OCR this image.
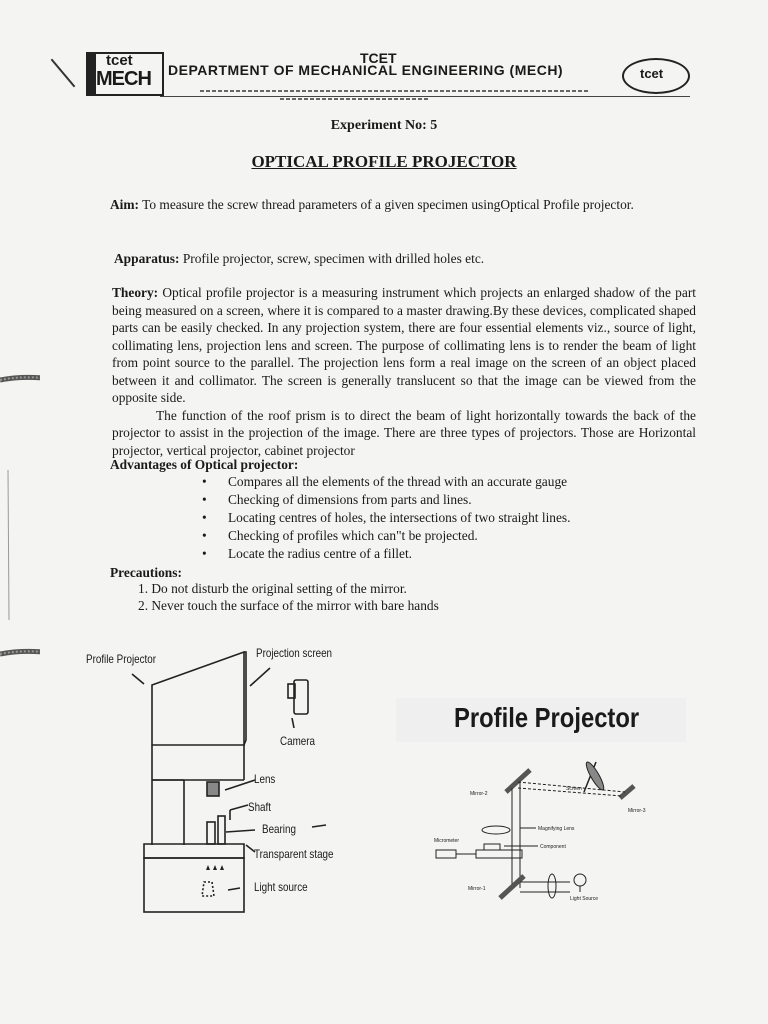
tcet
MECH
TCET
DEPARTMENT OF MECHANICAL ENGINEERING (MECH)	tcet
Experiment No: 5
OPTICAL PROFILE PROJECTOR
Aim: To measure the screw thread parameters of a given specimen usingOptical Profile projector.
Apparatus: Profile projector, screw, specimen with drilled holes etc.
Theory: Optical profile projector is a measuring instrument which projects an enlarged shadow of the part being measured on a screen, where it is compared to a master drawing.By these devices, complicated shaped parts can be easily checked. In any projection system, there are four essential elements viz., source of light, collimating lens, projection lens and screen. The purpose of collimating lens is to render the beam of light from point source to the parallel. The projection lens form a real image on the screen of an object placed between it and collimator. The screen is generally translucent so that the image can be viewed from the opposite side.
The function of the roof prism is to direct the beam of light horizontally towards the back of the projector to assist in the projection of the image. There are three types of projectors. Those are Horizontal projector, vertical projector, cabinet projector
Advantages of Optical projector:
• Compares all the elements of the thread with an accurate gauge
• Checking of dimensions from parts and lines.
• Locating centres of holes, the intersections of two straight lines.
• Checking of profiles which can"t be projected.
• Locate the radius centre of a fillet.
Precautions:
1. Do not disturb the original setting of the mirror.
2. Never touch the surface of the mirror with bare hands
Profile Projector	Projection screen
Camera
Lens
Shaft
Bearing
Transparent stage
Light source
Profile Projector
Mirror-2
Screen
Mirror-3
Magnifying Lens
Micrometer
Component
Mirror-1
Light Source
